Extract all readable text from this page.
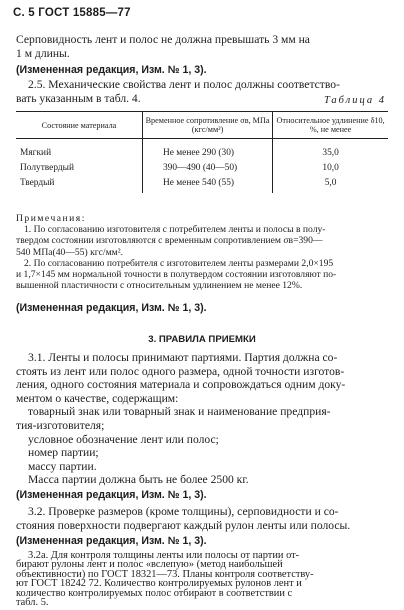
С. 5 ГОСТ 15885—77
Серповидность лент и полос не должна превышать 3 мм на
1 м длины.
(Измененная редакция, Изм. № 1, 3).
2.5. Механические свойства лент и полос должны соответство-
вать указанным в табл. 4.	Таблица 4
Состояние материала	Временное сопротивление σв, МПа (кгс/мм²)	Относительное удлинение δ10, %, не менее
Мягкий	Не менее 290 (30)	35,0
Полутвердый	390—490 (40—50)	10,0
Твердый	Не менее 540 (55)	5,0
Примечания:
1. По согласованию изготовителя с потребителем ленты и полосы в полу-
твердом состоянии изготовляются с временным сопротивлением σв=390—
540 МПа(40—55) кгс/мм².
2. По согласованию потребителя с изготовителем ленты размерами 2,0×195
и 1,7×145 мм нормальной точности в полутвердом состоянии изготовляют по-
вышенной пластичности с относительным удлинением не менее 12%.
(Измененная редакция, Изм. № 1, 3).
3. ПРАВИЛА ПРИЕМКИ
3.1. Ленты и полосы принимают партиями. Партия должна со-
стоять из лент или полос одного размера, одной точности изготов-
ления, одного состояния материала и сопровождаться одним доку-
ментом о качестве, содержащим:
товарный знак или товарный знак и наименование предприя-
тия-изготовителя;
условное обозначение лент или полос;
номер партии;
массу партии.
Масса партии должна быть не более 2500 кг.
(Измененная редакция, Изм. № 1, 3).
3.2. Проверке размеров (кроме толщины), серповидности и со-
стояния поверхности подвергают каждый рулон ленты или полосы.
(Измененная редакция, Изм. № 1, 3).
3.2а. Для контроля толщины ленты или полосы от партии от-
бирают рулоны лент и полос «вслепую» (метод наибольшей
объективности) по ГОСТ 18321—73. Планы контроля соответству-
ют ГОСТ 18242 72. Количество контролируемых рулонов лент и
количество контролируемых полос отбирают в соответствии с
табл. 5.
